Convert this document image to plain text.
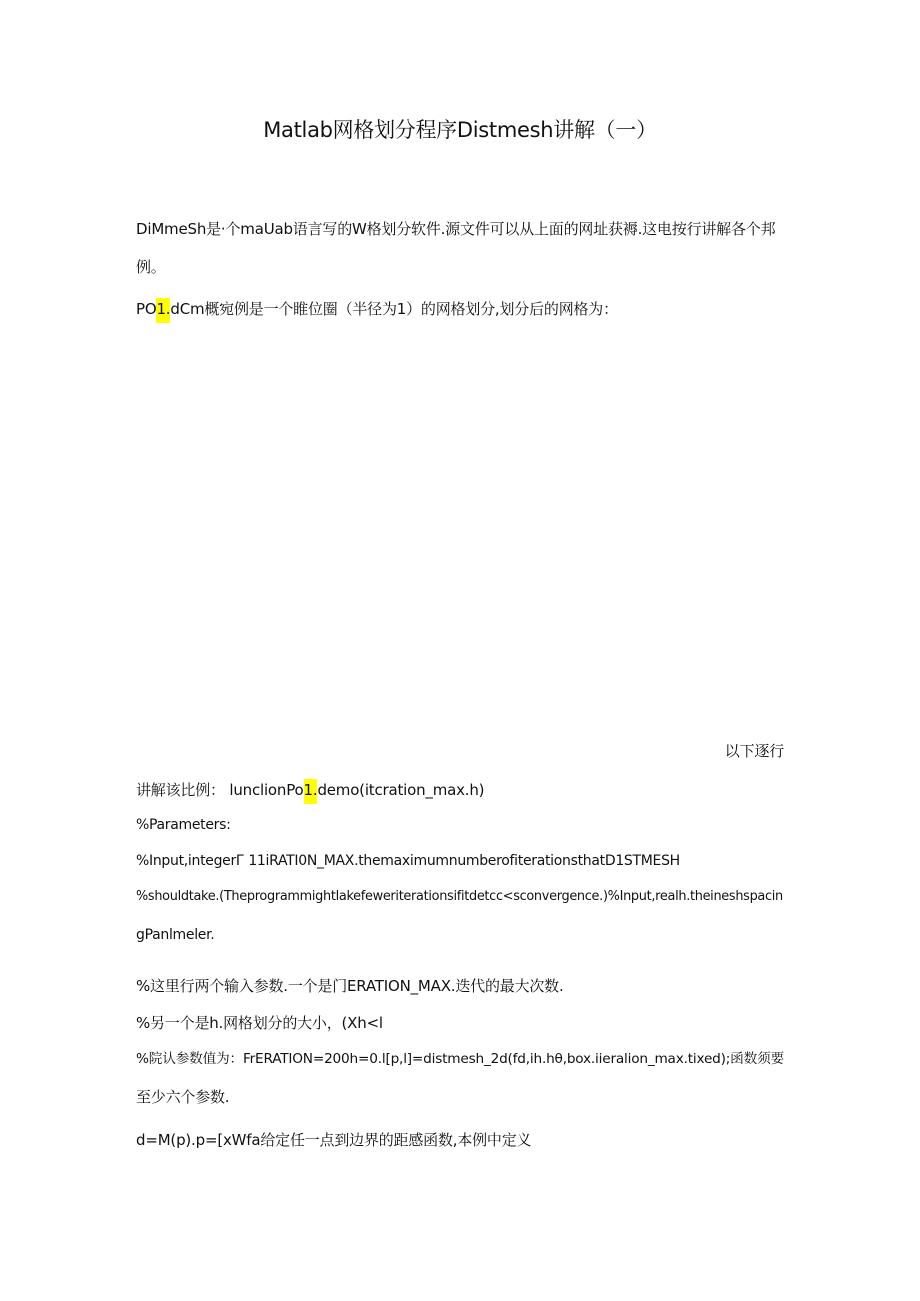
Matlab网格划分程序Distmesh讲解（一）
DiMmeSh是·个maUab语言写的W格划分软件.源文件可以从上面的网址获褥.这电按行讲解各个邦
例。
PO1.dCm概宛例是一个睢位圈（半径为1）的网格划分,划分后的网格为：
以下逐行
讲解该比例： lunclionPo1.demo(itcration_max.h)
%Parameters:
%Input,integerГ 11iRATI0N_MAX.themaximumnumberofiterationsthatD1STMESH
%shouldtake.(Theprogrammightlakefeweriterationsifitdetcc<sconvergence.)%Input,realh.theineshspacin
gPanlmeler.
%这里行两个输入参数.一个是门ERATION_MAX.迭代的最大次数.
%另一个是h.网格划分的大小，(Xh<l
%院认参数值为：FrERATION=200h=0.l[p,l]=distmesh_2d(fd,ih.hθ,box.iieralion_max.tixed);函数须要
至少六个参数.
d=M(p).p=[xWfa给定任一点到边界的距感函数,本例中定义
